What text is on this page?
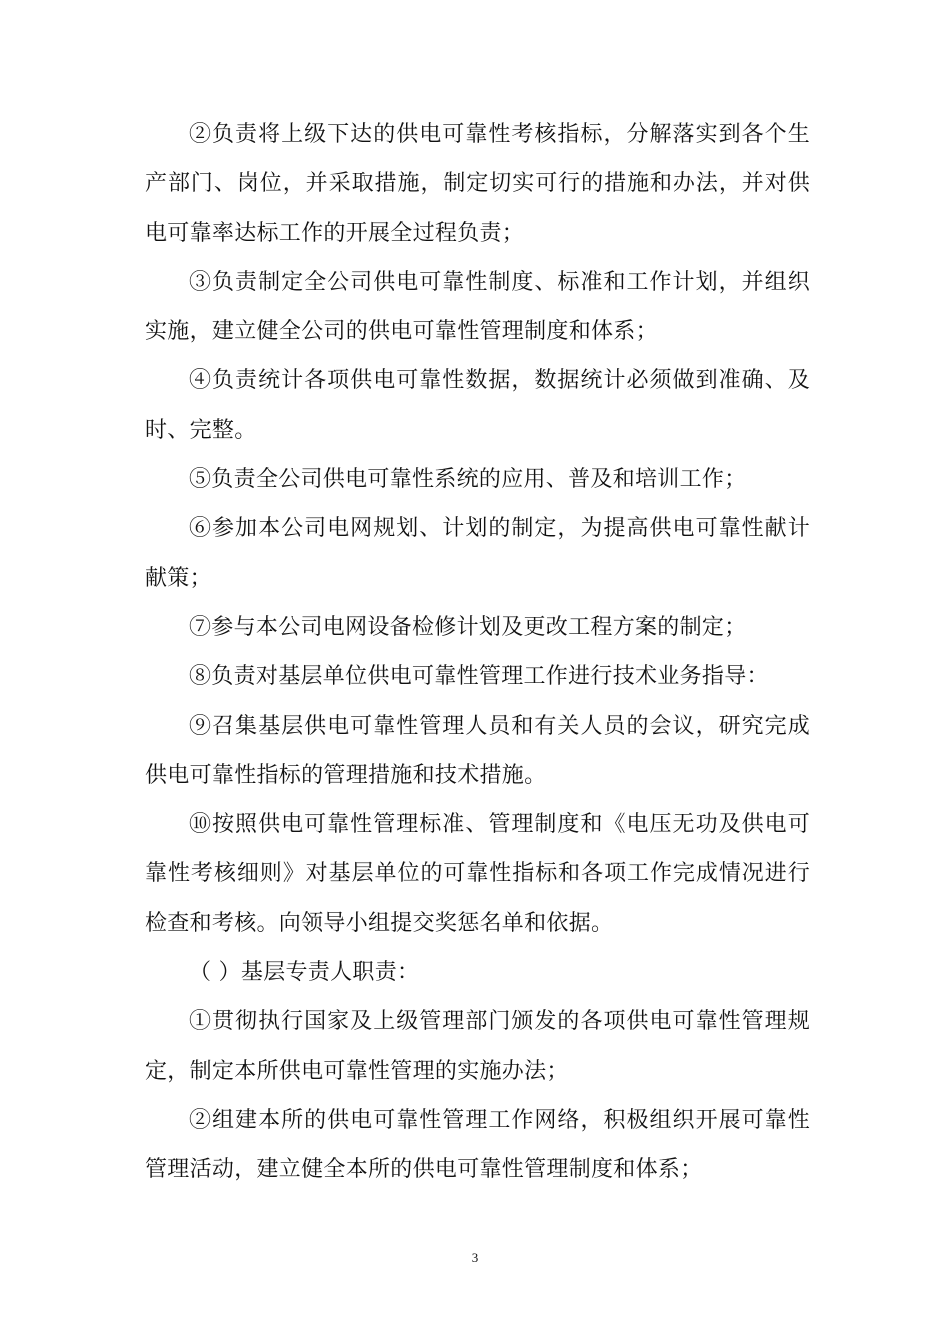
②负责将上级下达的供电可靠性考核指标，分解落实到各个生产部门、岗位，并采取措施，制定切实可行的措施和办法，并对供电可靠率达标工作的开展全过程负责；

③负责制定全公司供电可靠性制度、标准和工作计划，并组织实施，建立健全公司的供电可靠性管理制度和体系；

④负责统计各项供电可靠性数据，数据统计必须做到准确、及时、完整。

⑤负责全公司供电可靠性系统的应用、普及和培训工作；

⑥参加本公司电网规划、计划的制定，为提高供电可靠性献计献策；

⑦参与本公司电网设备检修计划及更改工程方案的制定；

⑧负责对基层单位供电可靠性管理工作进行技术业务指导：

⑨召集基层供电可靠性管理人员和有关人员的会议，研究完成供电可靠性指标的管理措施和技术措施。

⑩按照供电可靠性管理标准、管理制度和《电压无功及供电可靠性考核细则》对基层单位的可靠性指标和各项工作完成情况进行检查和考核。向领导小组提交奖惩名单和依据。

（ ）基层专责人职责：

①贯彻执行国家及上级管理部门颁发的各项供电可靠性管理规定，制定本所供电可靠性管理的实施办法；

②组建本所的供电可靠性管理工作网络，积极组织开展可靠性管理活动，建立健全本所的供电可靠性管理制度和体系；

3
